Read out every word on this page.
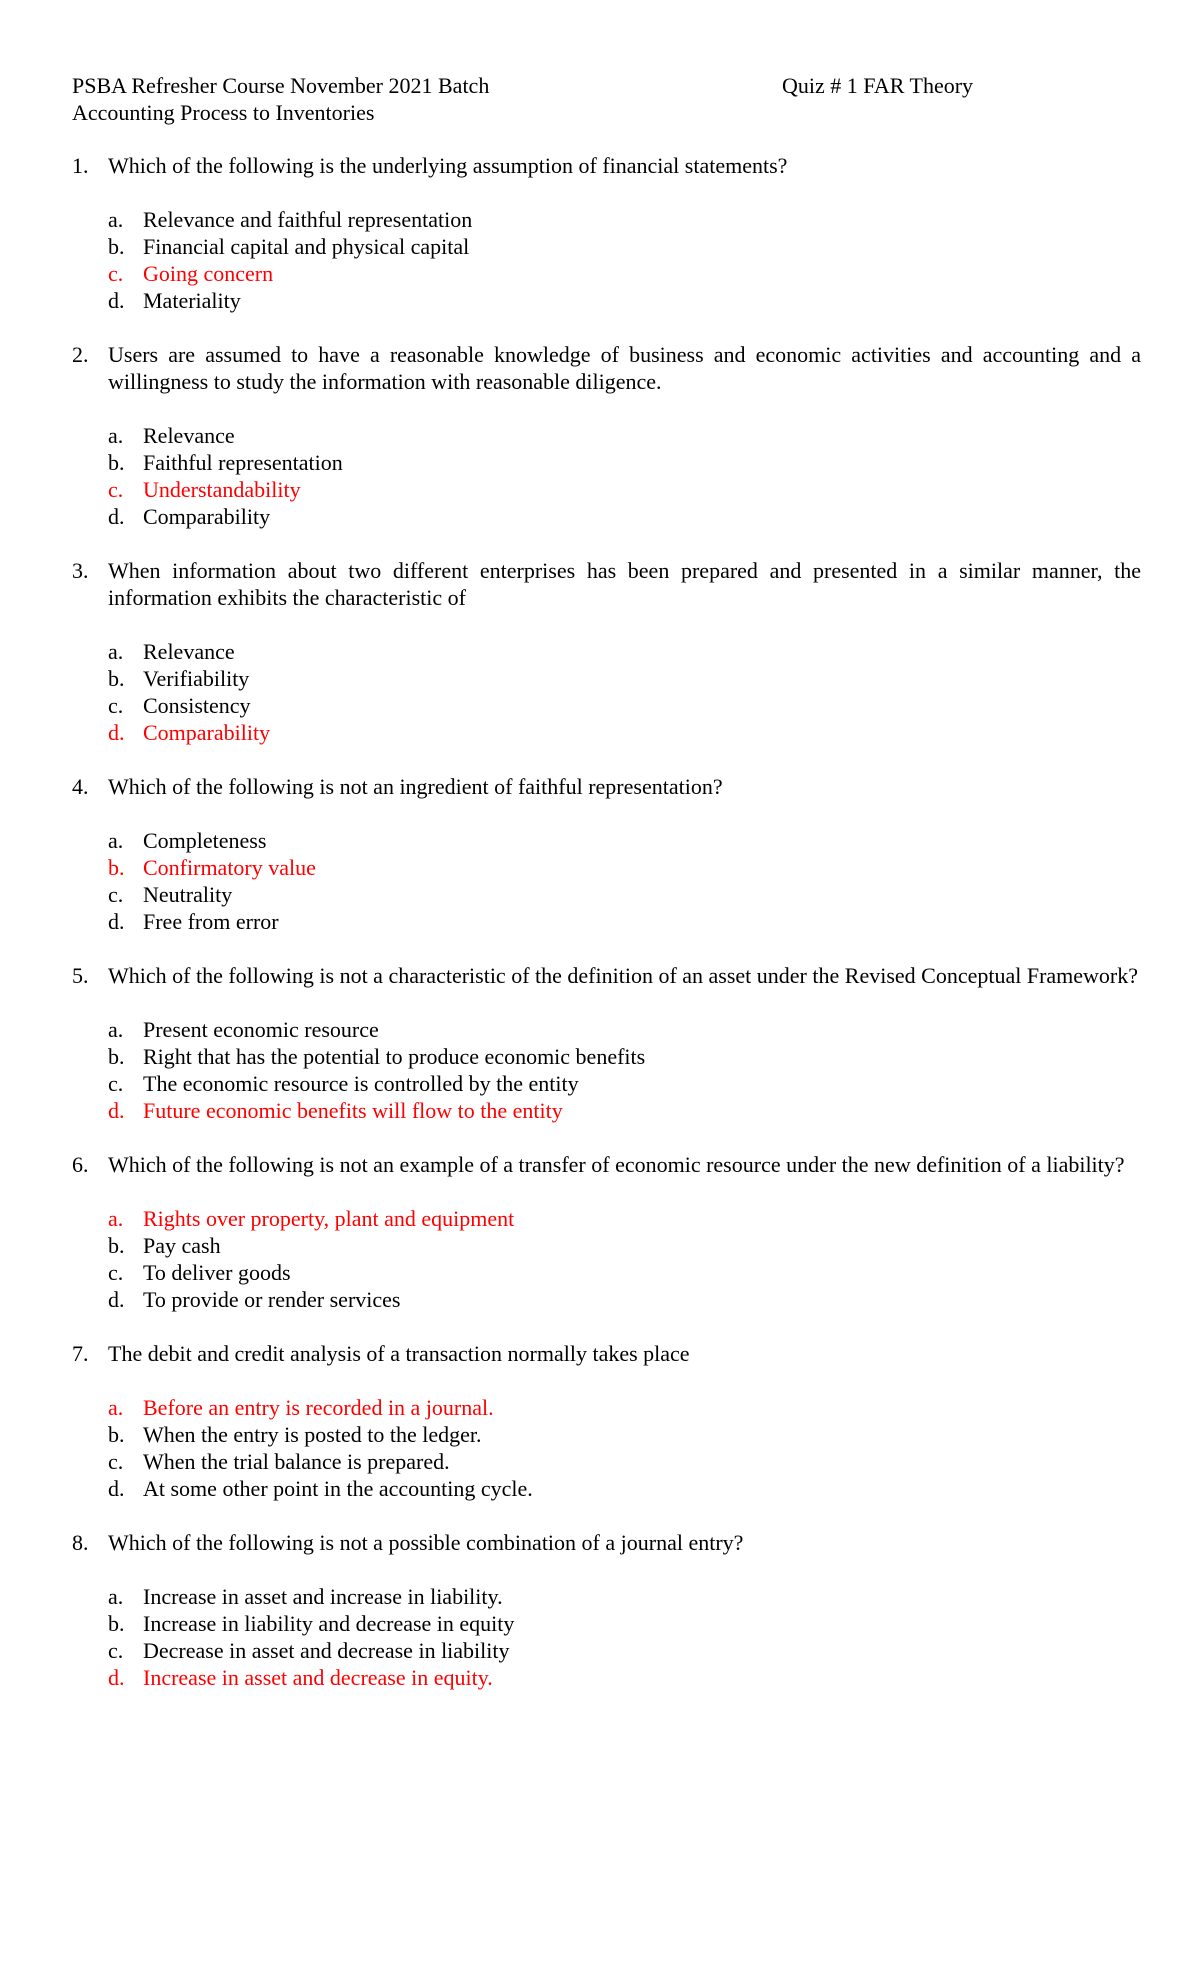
PSBA Refresher Course November 2021 Batch	Quiz # 1 FAR Theory
Accounting Process to Inventories
1. Which of the following is the underlying assumption of financial statements?
a. Relevance and faithful representation
b. Financial capital and physical capital
c. Going concern
d. Materiality
2. Users are assumed to have a reasonable knowledge of business and economic activities and accounting and a willingness to study the information with reasonable diligence.
a. Relevance
b. Faithful representation
c. Understandability
d. Comparability
3. When information about two different enterprises has been prepared and presented in a similar manner, the information exhibits the characteristic of
a. Relevance
b. Verifiability
c. Consistency
d. Comparability
4. Which of the following is not an ingredient of faithful representation?
a. Completeness
b. Confirmatory value
c. Neutrality
d. Free from error
5. Which of the following is not a characteristic of the definition of an asset under the Revised Conceptual Framework?
a. Present economic resource
b. Right that has the potential to produce economic benefits
c. The economic resource is controlled by the entity
d. Future economic benefits will flow to the entity
6. Which of the following is not an example of a transfer of economic resource under the new definition of a liability?
a. Rights over property, plant and equipment
b. Pay cash
c. To deliver goods
d. To provide or render services
7. The debit and credit analysis of a transaction normally takes place
a. Before an entry is recorded in a journal.
b. When the entry is posted to the ledger.
c. When the trial balance is prepared.
d. At some other point in the accounting cycle.
8. Which of the following is not a possible combination of a journal entry?
a. Increase in asset and increase in liability.
b. Increase in liability and decrease in equity
c. Decrease in asset and decrease in liability
d. Increase in asset and decrease in equity.
